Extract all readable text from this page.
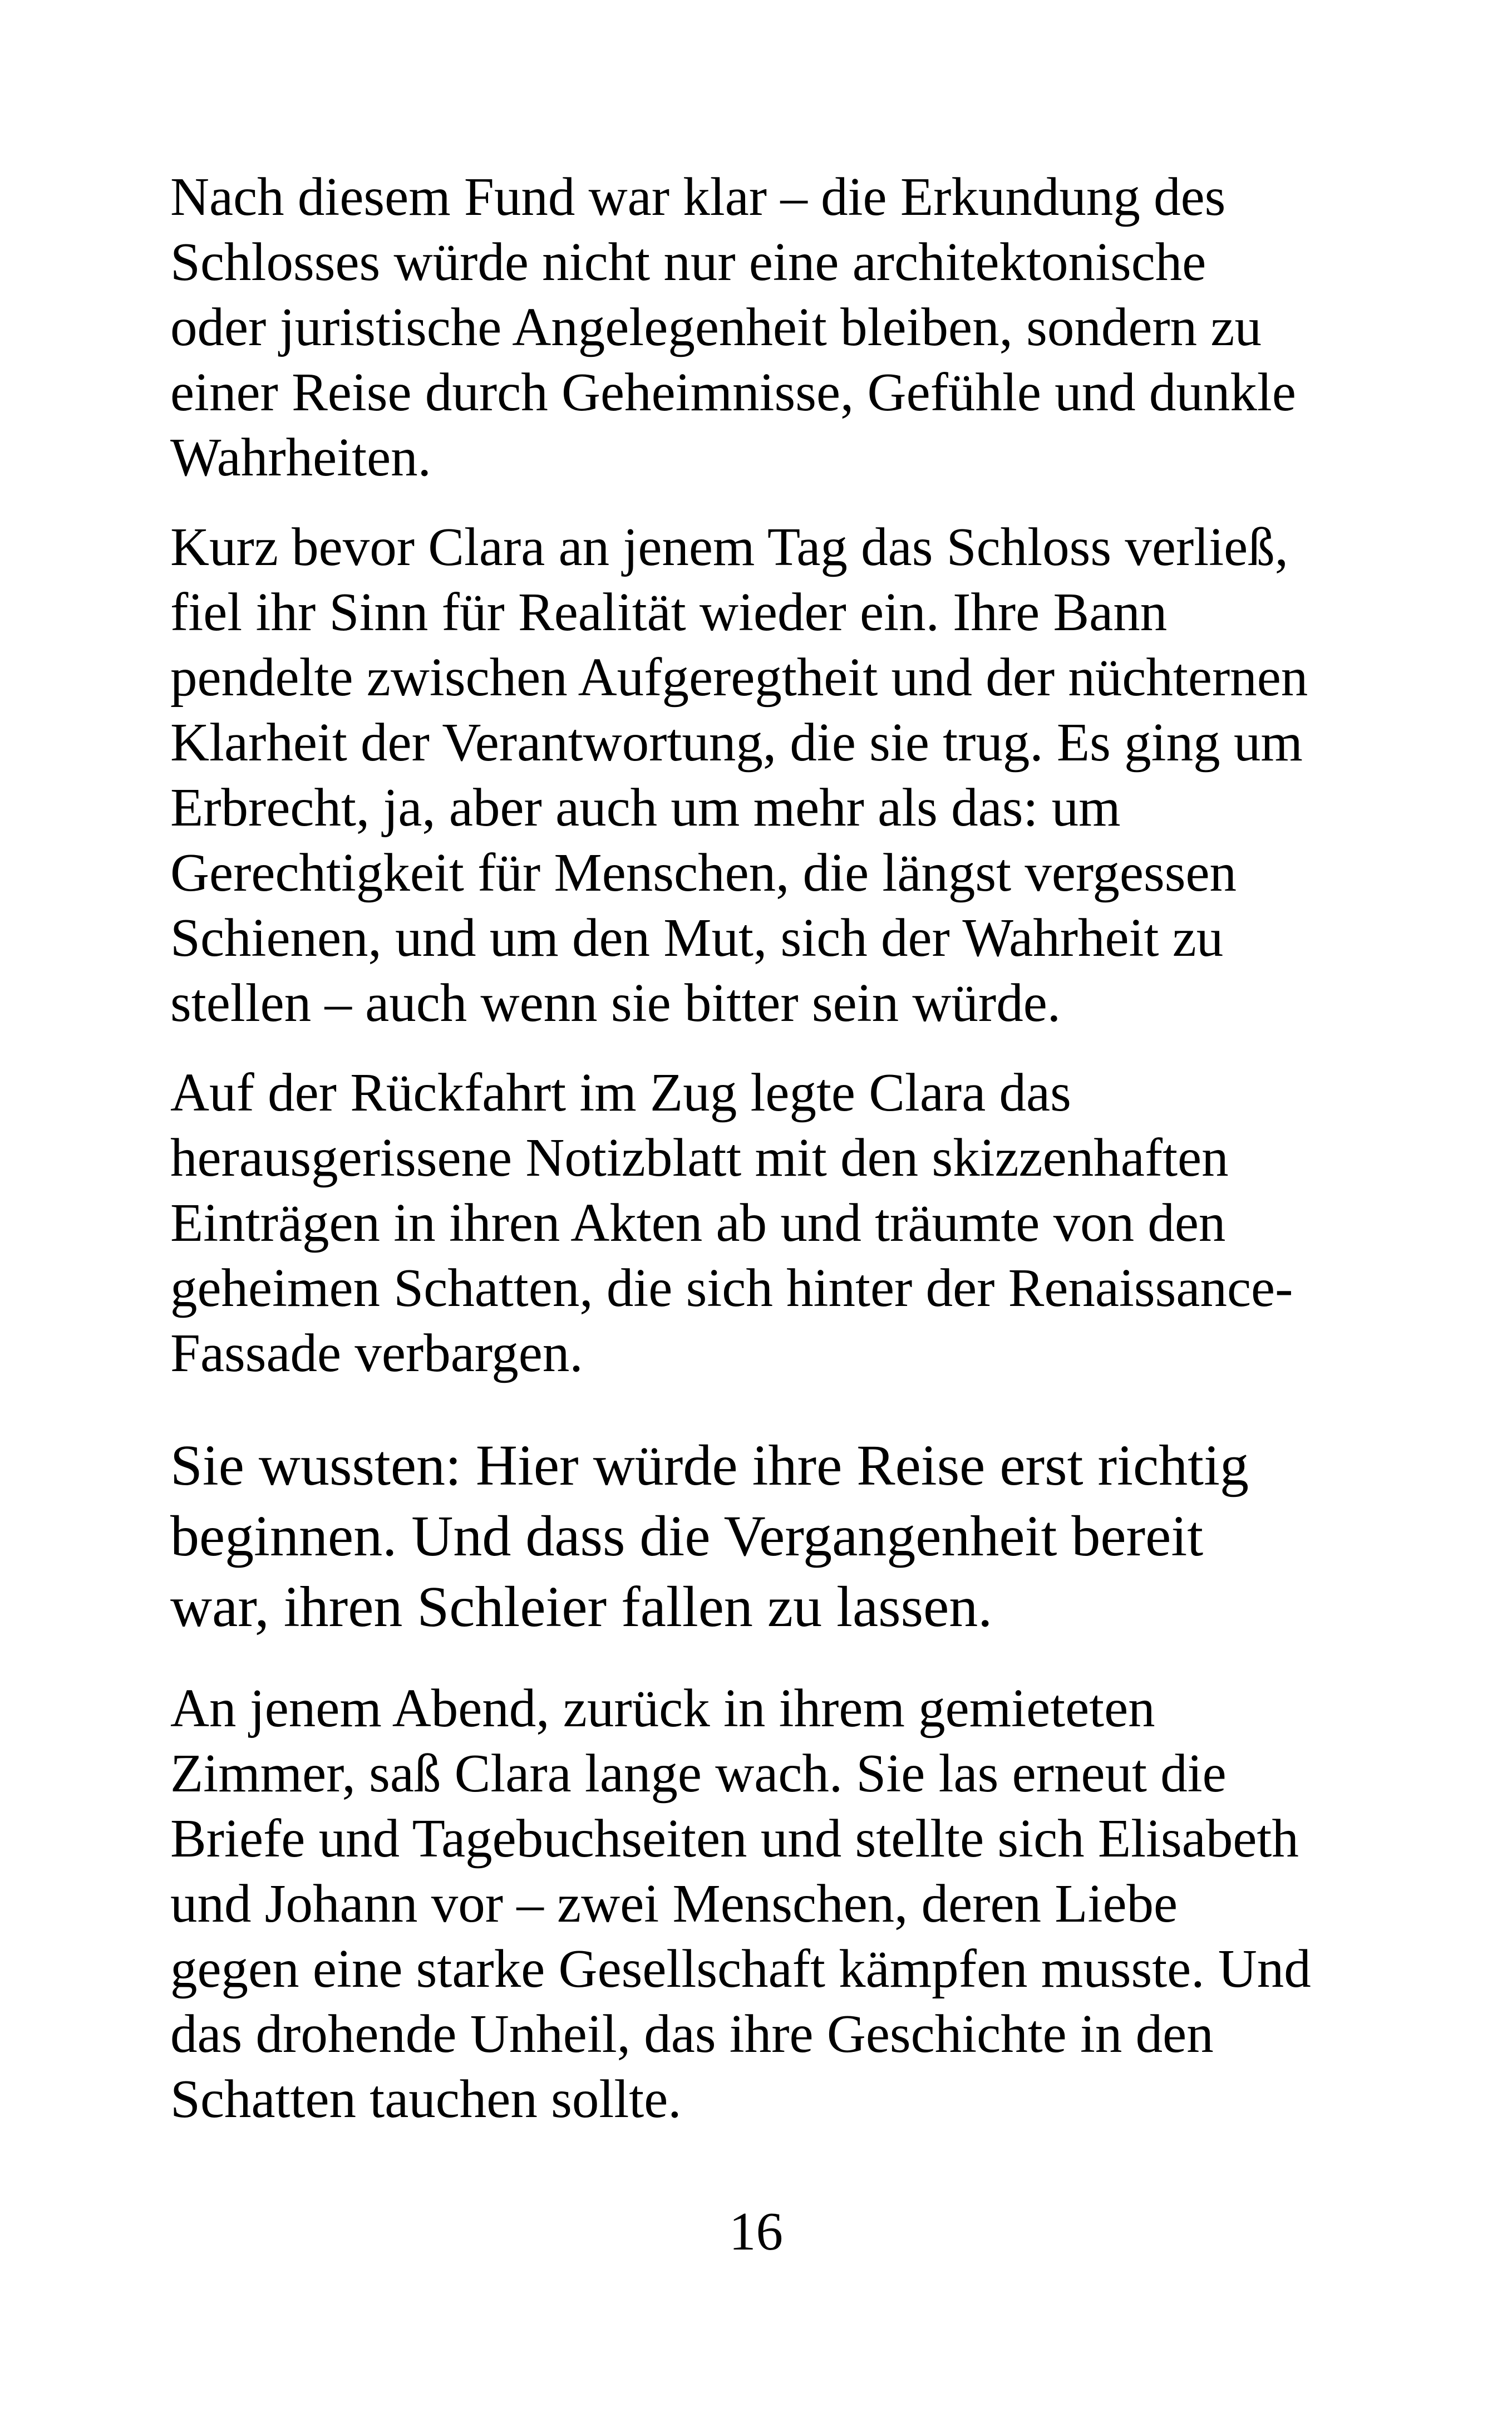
Nach diesem Fund war klar – die Erkundung des
Schlosses würde nicht nur eine architektonische
oder juristische Angelegenheit bleiben, sondern zu
einer Reise durch Geheimnisse, Gefühle und dunkle
Wahrheiten.

Kurz bevor Clara an jenem Tag das Schloss verließ,
fiel ihr Sinn für Realität wieder ein. Ihre Bann
pendelte zwischen Aufgeregtheit und der nüchternen
Klarheit der Verantwortung, die sie trug. Es ging um
Erbrecht, ja, aber auch um mehr als das: um
Gerechtigkeit für Menschen, die längst vergessen
Schienen, und um den Mut, sich der Wahrheit zu
stellen – auch wenn sie bitter sein würde.

Auf der Rückfahrt im Zug legte Clara das
herausgerissene Notizblatt mit den skizzenhaften
Einträgen in ihren Akten ab und träumte von den
geheimen Schatten, die sich hinter der Renaissance-
Fassade verbargen.

Sie wussten: Hier würde ihre Reise erst richtig
beginnen. Und dass die Vergangenheit bereit
war, ihren Schleier fallen zu lassen.

An jenem Abend, zurück in ihrem gemieteten
Zimmer, saß Clara lange wach. Sie las erneut die
Briefe und Tagebuchseiten und stellte sich Elisabeth
und Johann vor – zwei Menschen, deren Liebe
gegen eine starke Gesellschaft kämpfen musste. Und
das drohende Unheil, das ihre Geschichte in den
Schatten tauchen sollte.

16
